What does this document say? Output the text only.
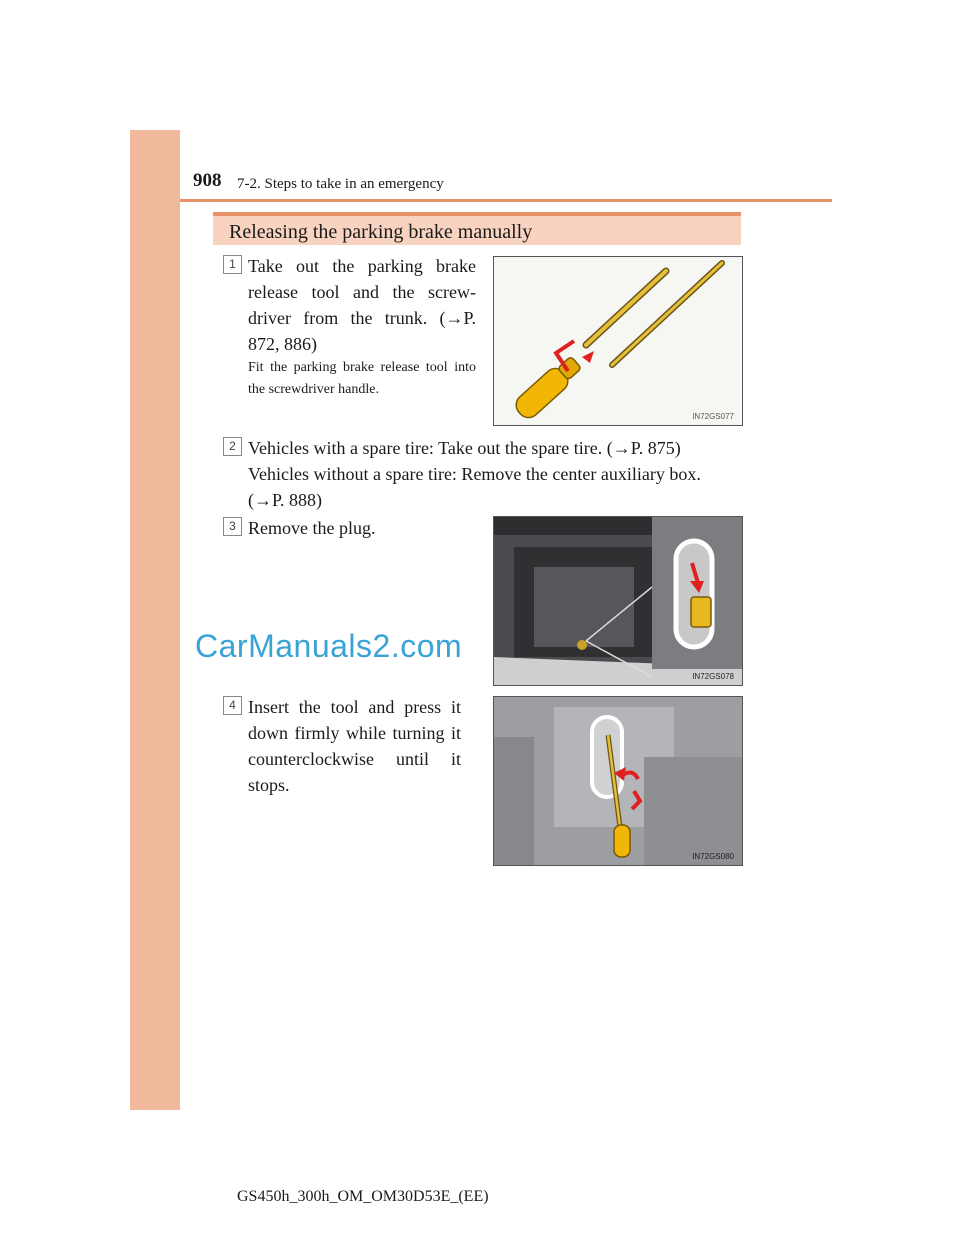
908 7-2. Steps to take in an emergency
Releasing the parking brake manually
1 Take out the parking brake
release tool and the screw-
driver from the trunk. (→P.
872, 886)
Fit the parking brake release tool into the screwdriver handle.
IN72GS077
2 Vehicles with a spare tire: Take out the spare tire. (→P. 875)
Vehicles without a spare tire: Remove the center auxiliary box.
(→P. 888)
3 Remove the plug.
IN72GS078
CarManuals2.com
4 Insert the tool and press it
down firmly while turning it
counterclockwise until it
stops.
IN72GS080
GS450h_300h_OM_OM30D53E_(EE)
